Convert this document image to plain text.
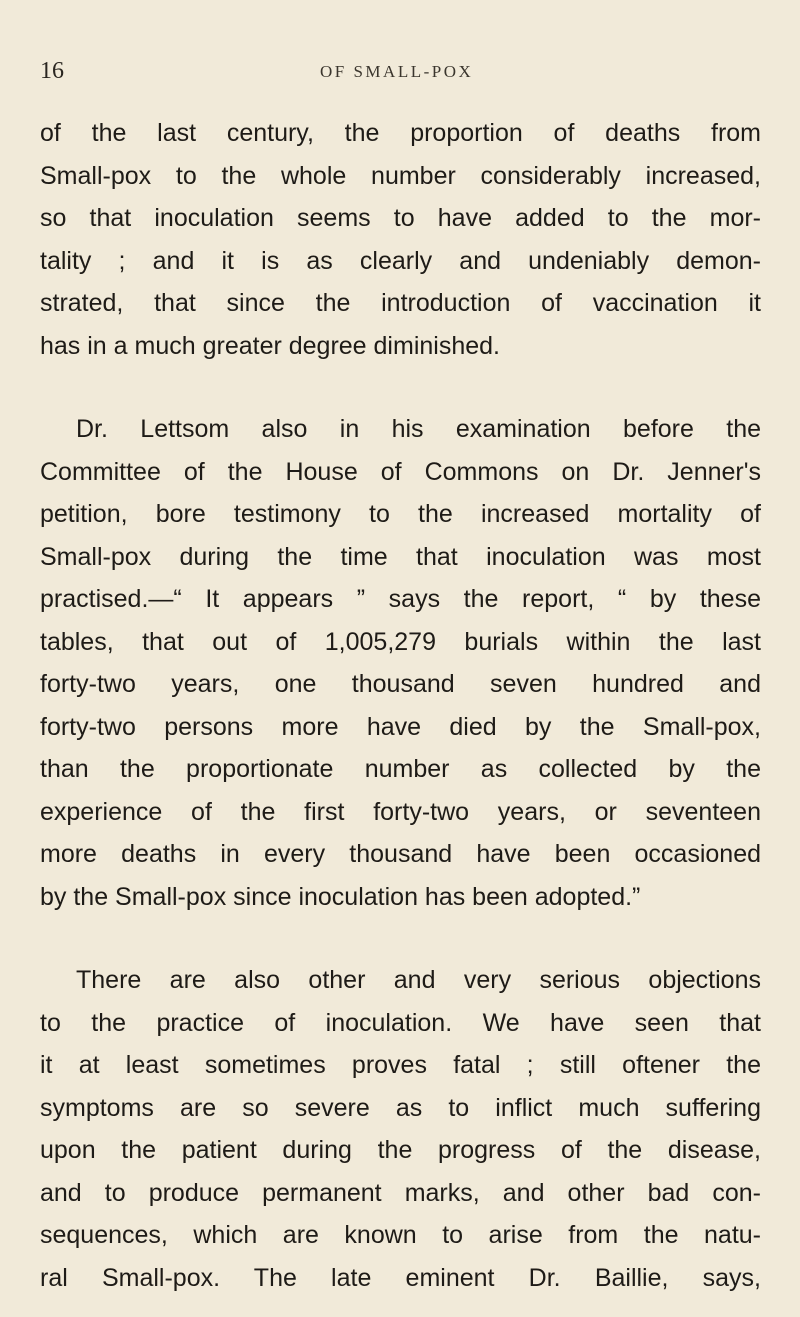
16	OF SMALL-POX
of the last century, the proportion of deaths from
Small-pox to the whole number considerably increased,
so that inoculation seems to have added to the mor-
tality ; and it is as clearly and undeniably demon-
strated, that since the introduction of vaccination it
has in a much greater degree diminished.
Dr. Lettsom also in his examination before the
Committee of the House of Commons on Dr. Jenner's
petition, bore testimony to the increased mortality of
Small-pox during the time that inoculation was most
practised.—“ It appears ” says the report, “ by these
tables, that out of 1,005,279 burials within the last
forty-two years, one thousand seven hundred and
forty-two persons more have died by the Small-pox,
than the proportionate number as collected by the
experience of the first forty-two years, or seventeen
more deaths in every thousand have been occasioned
by the Small-pox since inoculation has been adopted.”
There are also other and very serious objections
to the practice of inoculation. We have seen that
it at least sometimes proves fatal ; still oftener the
symptoms are so severe as to inflict much suffering
upon the patient during the progress of the disease,
and to produce permanent marks, and other bad con-
sequences, which are known to arise from the natu-
ral Small-pox. The late eminent Dr. Baillie, says,
